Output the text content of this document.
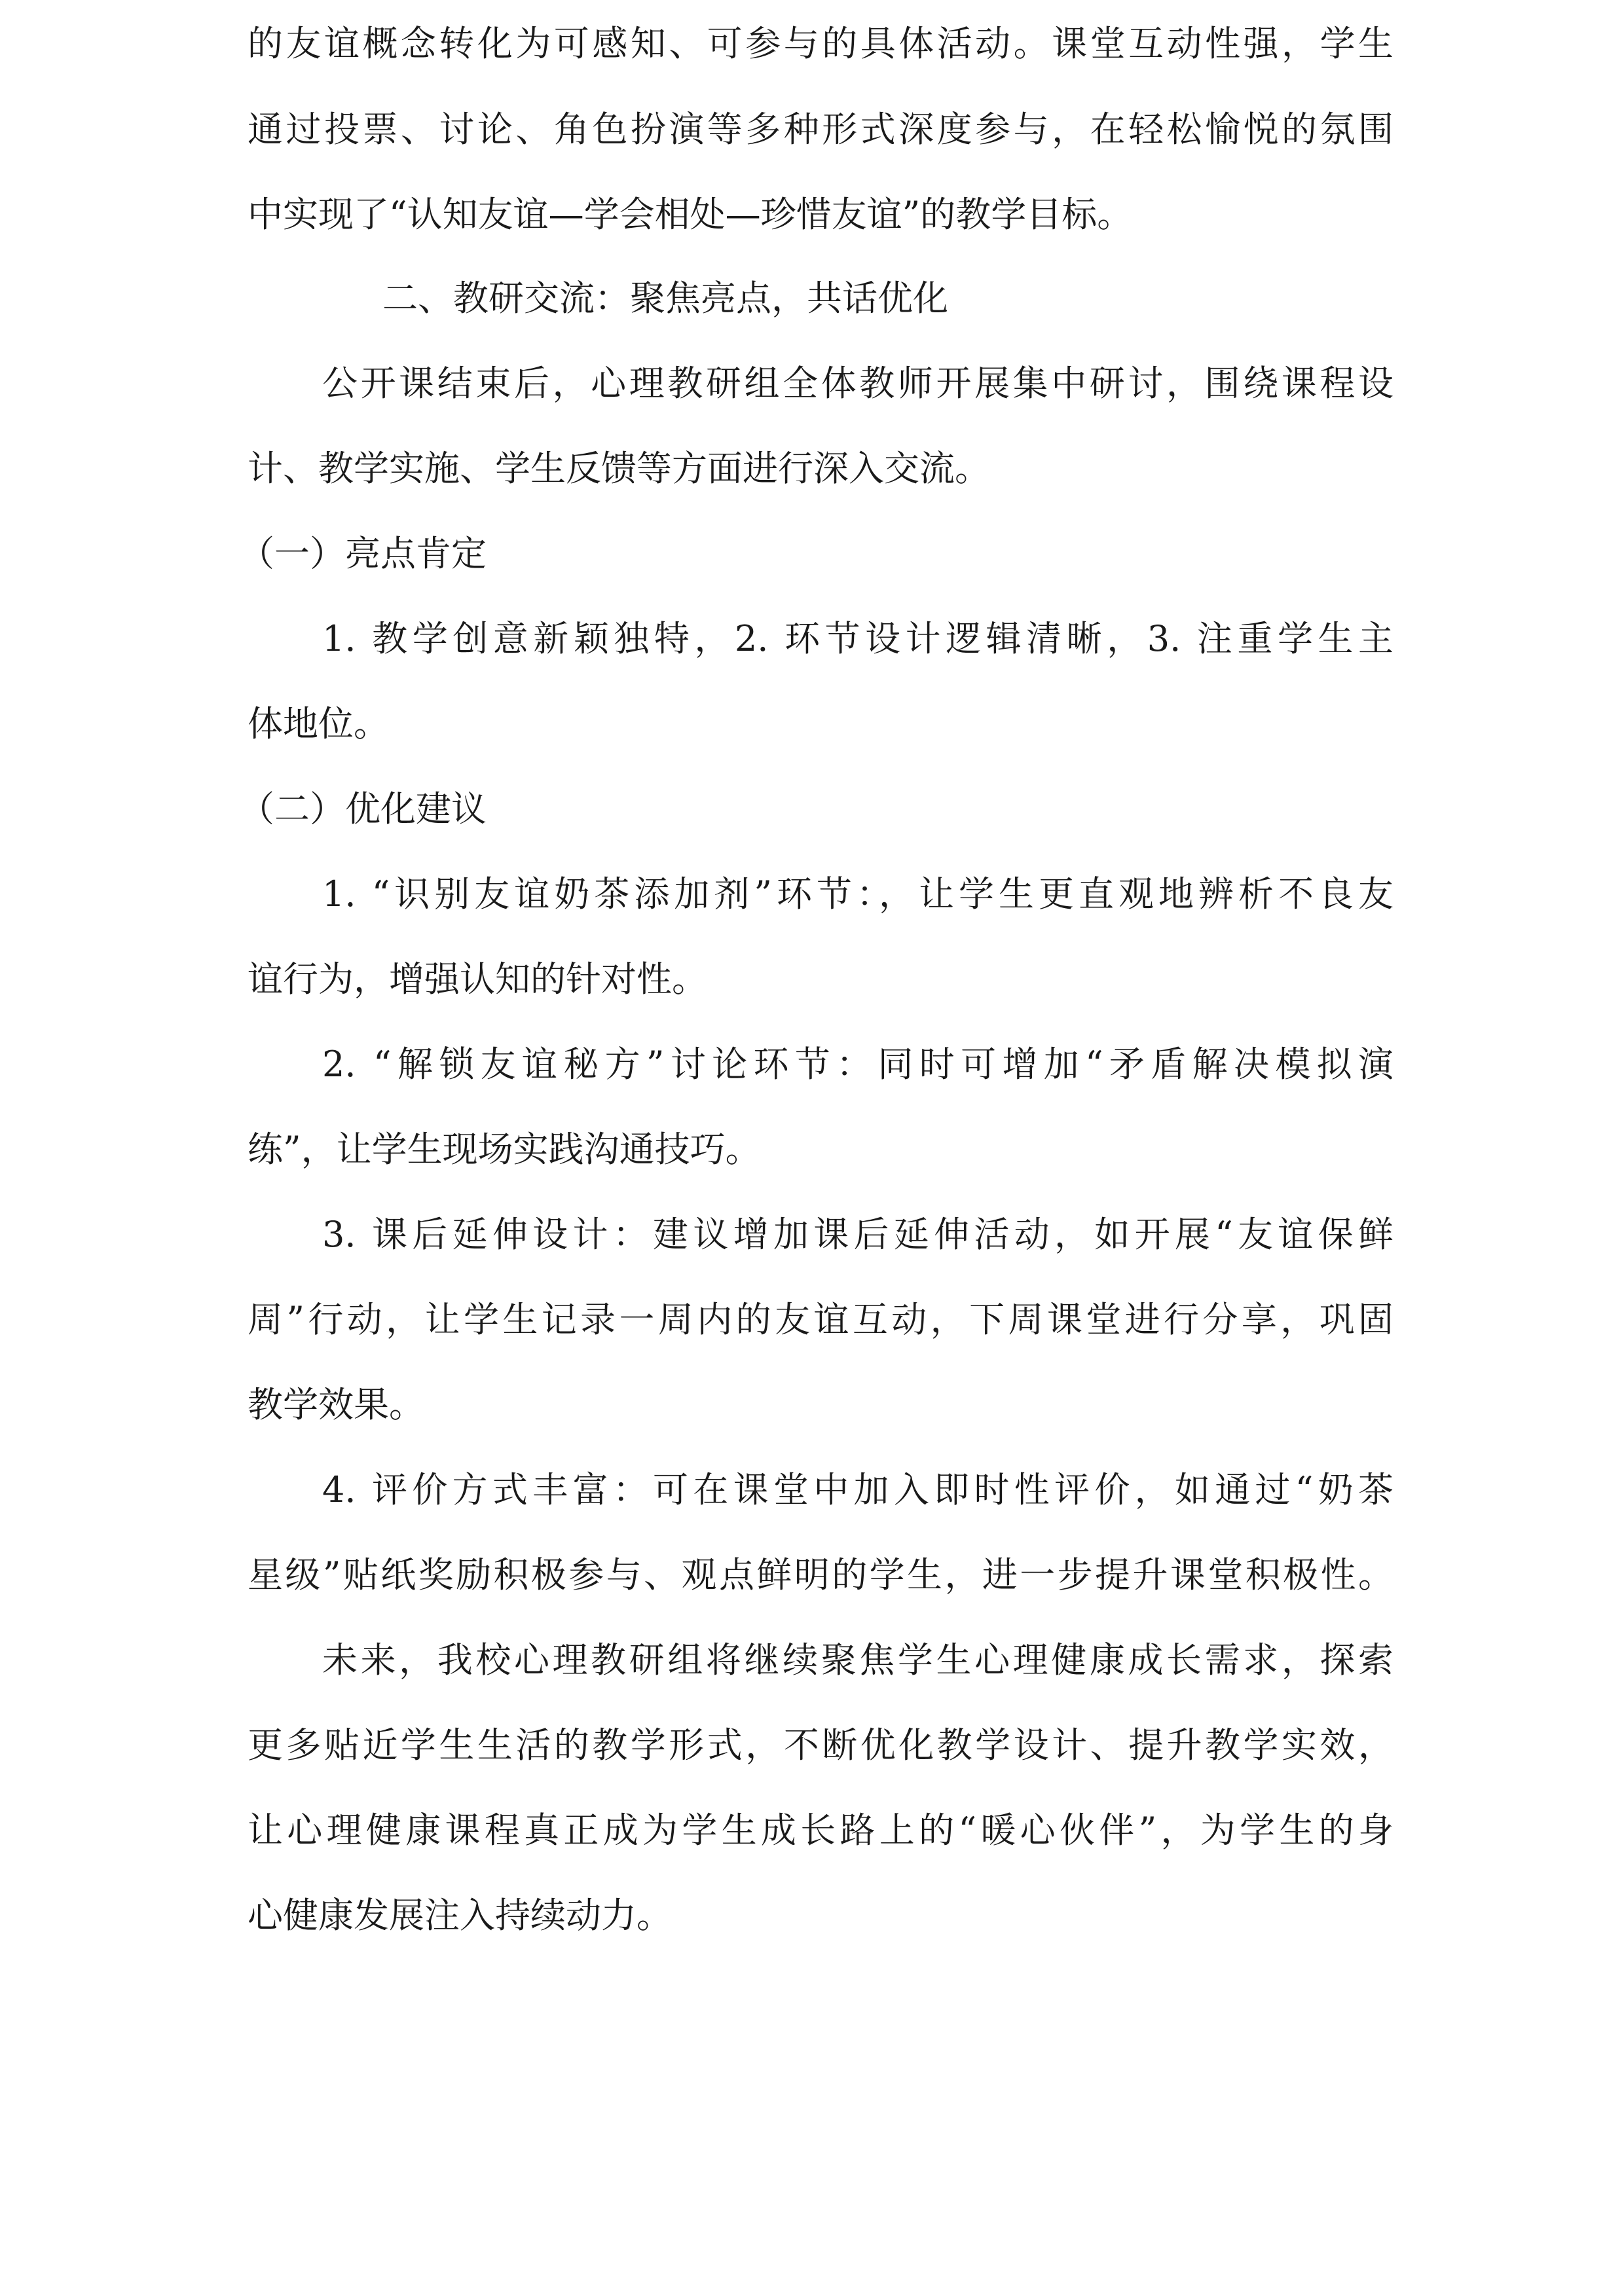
的友谊概念转化为可感知、可参与的具体活动。课堂互动性强，学生

通过投票、讨论、角色扮演等多种形式深度参与，在轻松愉悦的氛围

中实现了“认知友谊—学会相处—珍惜友谊”的教学目标。

二、教研交流：聚焦亮点，共话优化

公开课结束后，心理教研组全体教师开展集中研讨，围绕课程设

计、教学实施、学生反馈等方面进行深入交流。

（一）亮点肯定

1. 教学创意新颖独特，2. 环节设计逻辑清晰，3. 注重学生主

体地位。

（二）优化建议

1. “识别友谊奶茶添加剂”环节：，让学生更直观地辨析不良友

谊行为，增强认知的针对性。

2. “解锁友谊秘方”讨论环节：同时可增加“矛盾解决模拟演

练”，让学生现场实践沟通技巧。

3. 课后延伸设计：建议增加课后延伸活动，如开展“友谊保鲜

周”行动，让学生记录一周内的友谊互动，下周课堂进行分享，巩固

教学效果。

4. 评价方式丰富：可在课堂中加入即时性评价，如通过“奶茶

星级”贴纸奖励积极参与、观点鲜明的学生，进一步提升课堂积极性。

未来，我校心理教研组将继续聚焦学生心理健康成长需求，探索

更多贴近学生生活的教学形式，不断优化教学设计、提升教学实效，

让心理健康课程真正成为学生成长路上的“暖心伙伴”，为学生的身

心健康发展注入持续动力。
